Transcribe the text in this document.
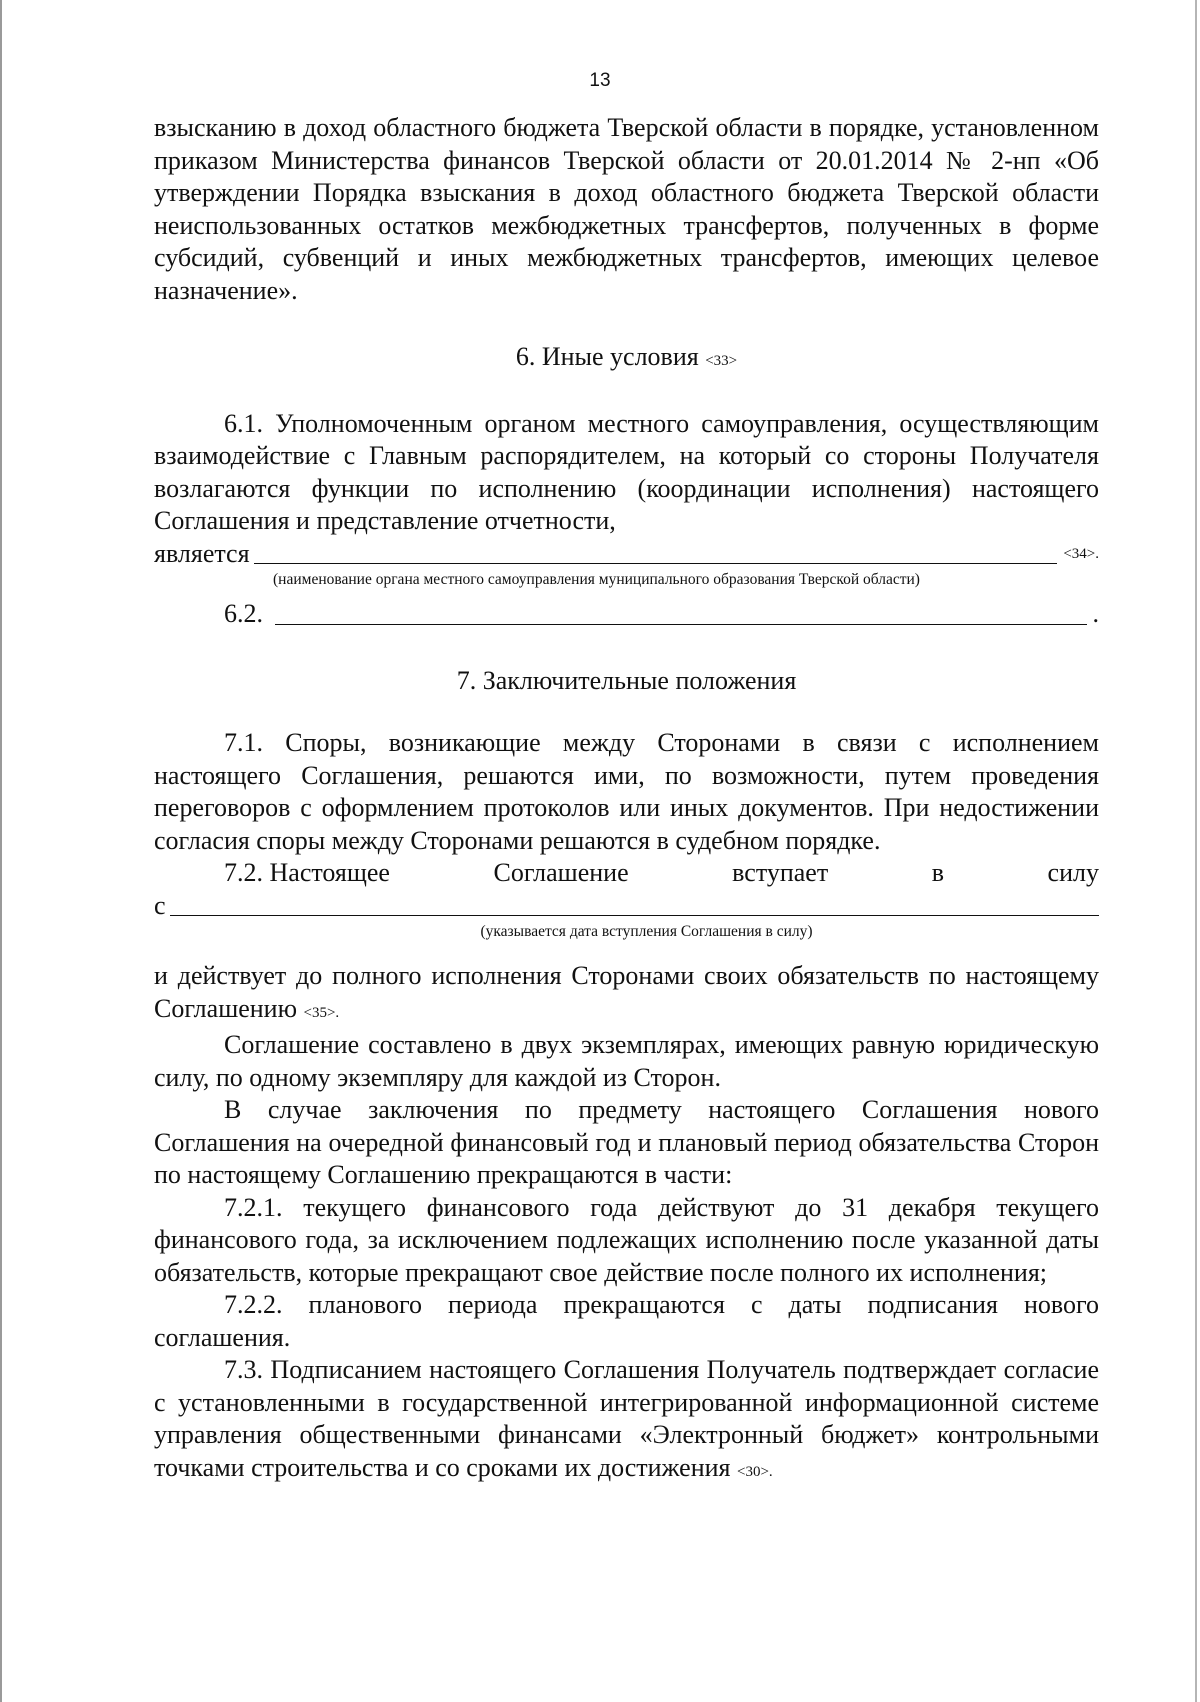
13

взысканию в доход областного бюджета Тверской области в порядке, установленном приказом Министерства финансов Тверской области от 20.01.2014 № 2-нп «Об утверждении Порядка взыскания в доход областного бюджета Тверской области неиспользованных остатков межбюджетных трансфертов, полученных в форме субсидий, субвенций и иных межбюджетных трансфертов, имеющих целевое назначение».

6. Иные условия <33>

6.1. Уполномоченным органом местного самоуправления, осуществляющим взаимодействие с Главным распорядителем, на который со стороны Получателя возлагаются функции по исполнению (координации исполнения) настоящего Соглашения и представление отчетности,

является	<34>.
(наименование органа местного самоуправления муниципального образования Тверской области)
6.2.	.

7. Заключительные положения

7.1. Споры, возникающие между Сторонами в связи с исполнением настоящего Соглашения, решаются ими, по возможности, путем проведения переговоров с оформлением протоколов или иных документов. При недостижении согласия споры между Сторонами решаются в судебном порядке.

7.2. Настоящее	Соглашение	вступает	в	силу
с
(указывается дата вступления Соглашения в силу)

и действует до полного исполнения Сторонами своих обязательств по настоящему Соглашению <35>.

Соглашение составлено в двух экземплярах, имеющих равную юридическую силу, по одному экземпляру для каждой из Сторон.

В случае заключения по предмету настоящего Соглашения нового Соглашения на очередной финансовый год и плановый период обязательства Сторон по настоящему Соглашению прекращаются в части:

7.2.1. текущего финансового года действуют до 31 декабря текущего финансового года, за исключением подлежащих исполнению после указанной даты обязательств, которые прекращают свое действие после полного их исполнения;

7.2.2. планового периода прекращаются с даты подписания нового соглашения.

7.3. Подписанием настоящего Соглашения Получатель подтверждает согласие с установленными в государственной интегрированной информационной системе управления общественными финансами «Электронный бюджет» контрольными точками строительства и со сроками их достижения <30>.
